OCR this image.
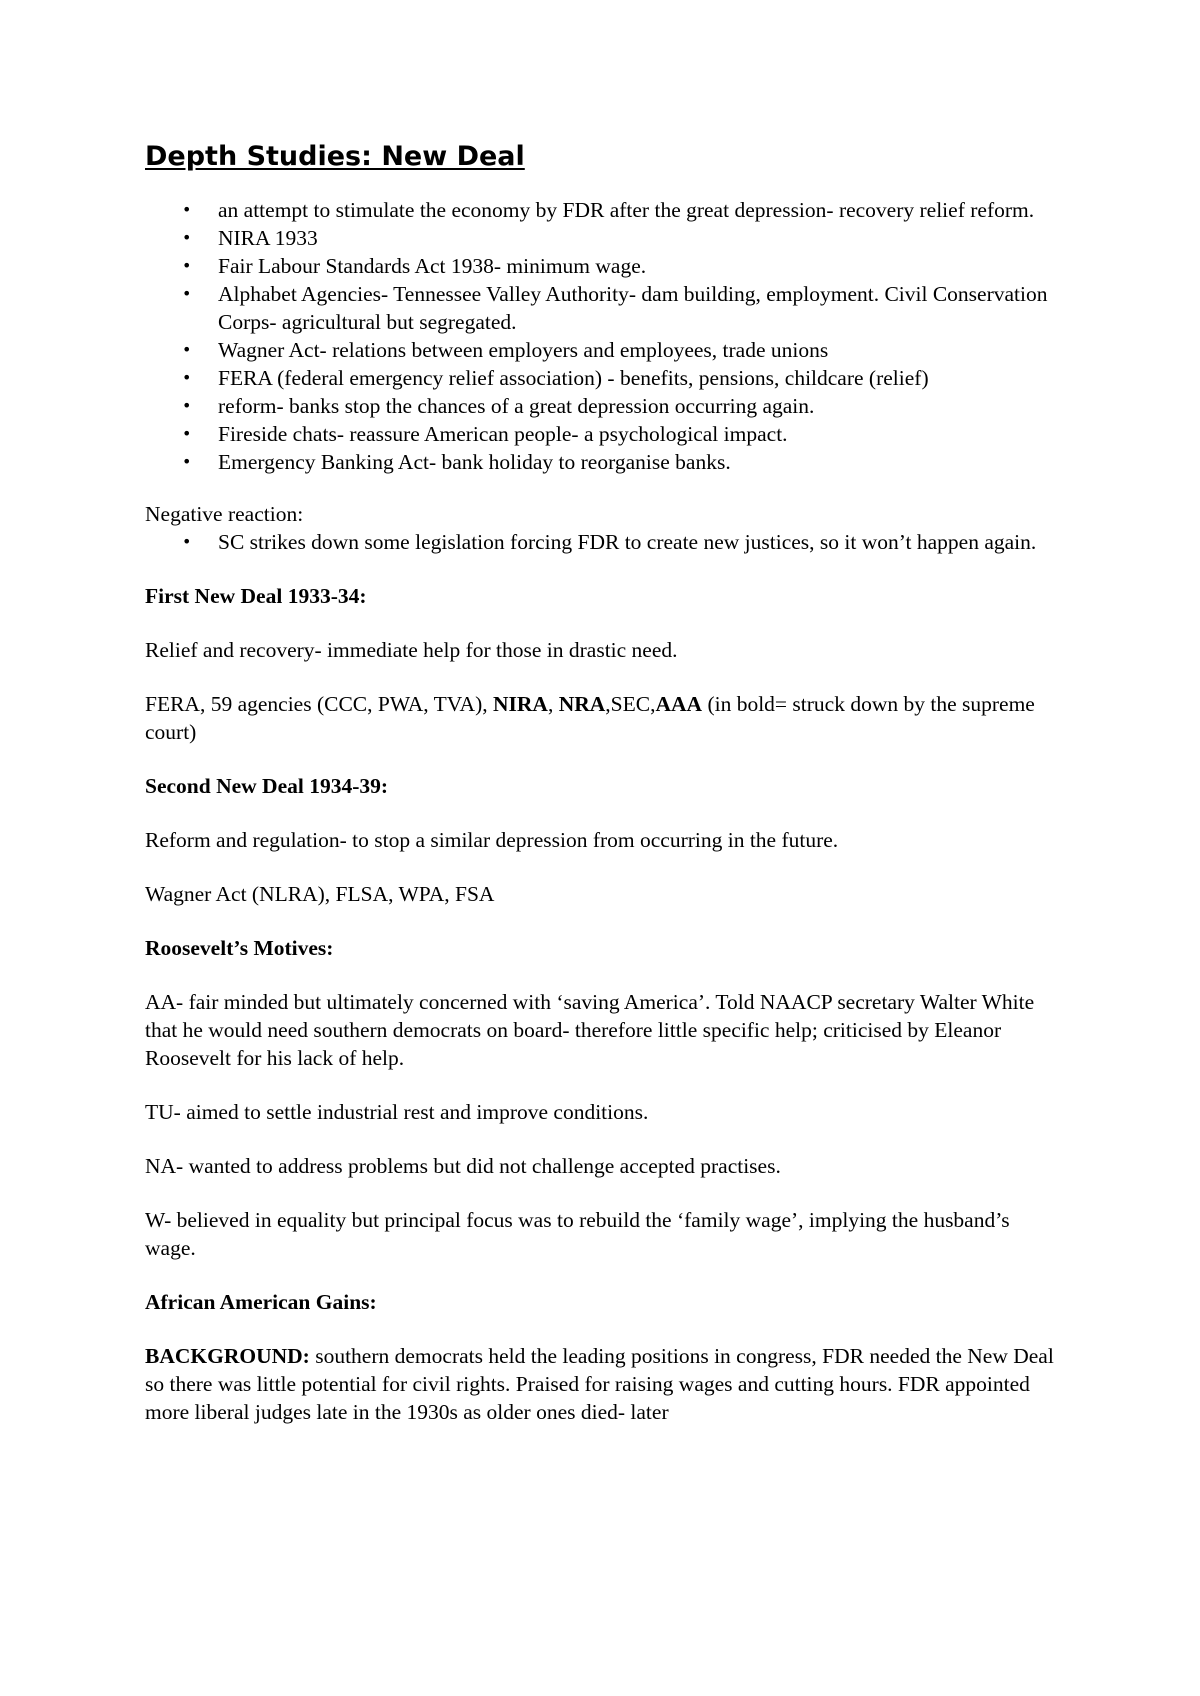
Depth Studies: New Deal
• an attempt to stimulate the economy by FDR after the great depression- recovery relief reform.
• NIRA 1933
• Fair Labour Standards Act 1938- minimum wage.
• Alphabet Agencies- Tennessee Valley Authority- dam building, employment. Civil Conservation Corps- agricultural but segregated.
• Wagner Act- relations between employers and employees, trade unions
• FERA (federal emergency relief association) - benefits, pensions, childcare (relief)
• reform- banks stop the chances of a great depression occurring again.
• Fireside chats- reassure American people- a psychological impact.
• Emergency Banking Act- bank holiday to reorganise banks.

Negative reaction:

• SC strikes down some legislation forcing FDR to create new justices, so it won’t happen again.

First New Deal 1933-34:

Relief and recovery- immediate help for those in drastic need.

FERA, 59 agencies (CCC, PWA, TVA), NIRA, NRA,SEC,AAA (in bold= struck down by the supreme court)

Second New Deal 1934-39:

Reform and regulation- to stop a similar depression from occurring in the future.

Wagner Act (NLRA), FLSA, WPA, FSA

Roosevelt’s Motives:

AA- fair minded but ultimately concerned with ‘saving America’. Told NAACP secretary Walter White that he would need southern democrats on board- therefore little specific help; criticised by Eleanor Roosevelt for his lack of help.

TU- aimed to settle industrial rest and improve conditions.

NA- wanted to address problems but did not challenge accepted practises.

W- believed in equality but principal focus was to rebuild the ‘family wage’, implying the husband’s wage.

African American Gains:

BACKGROUND: southern democrats held the leading positions in congress, FDR needed the New Deal so there was little potential for civil rights. Praised for raising wages and cutting hours. FDR appointed more liberal judges late in the 1930s as older ones died- later
